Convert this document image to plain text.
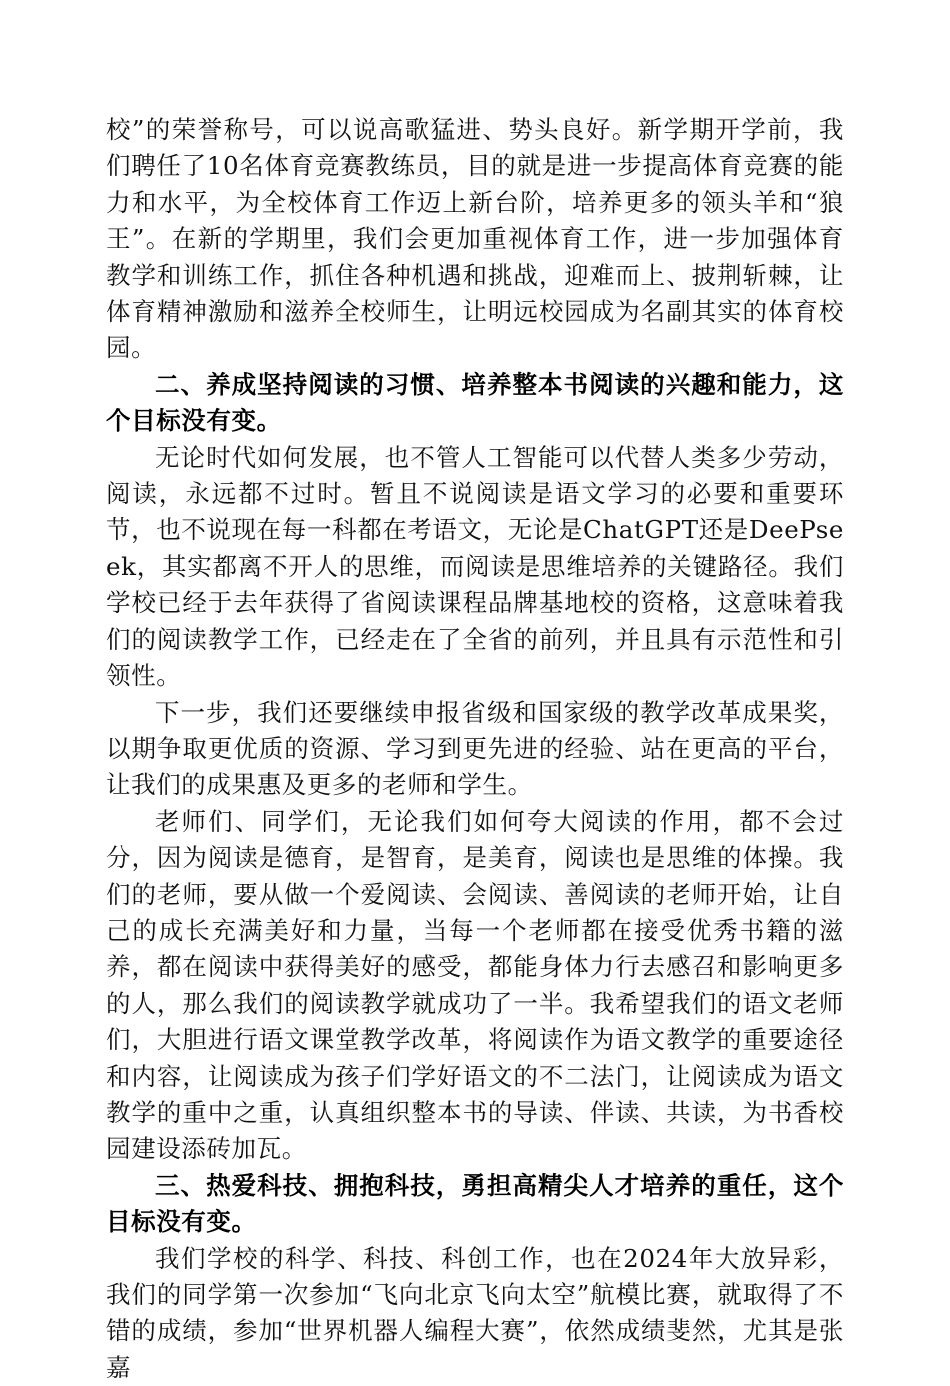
校”的荣誉称号，可以说高歌猛进、势头良好。新学期开学前，我们聘任了10名体育竞赛教练员，目的就是进一步提高体育竞赛的能力和水平，为全校体育工作迈上新台阶，培养更多的领头羊和“狼王”。在新的学期里，我们会更加重视体育工作，进一步加强体育教学和训练工作，抓住各种机遇和挑战，迎难而上、披荆斩棘，让体育精神激励和滋养全校师生，让明远校园成为名副其实的体育校园。

二、养成坚持阅读的习惯、培养整本书阅读的兴趣和能力，这个目标没有变。

无论时代如何发展，也不管人工智能可以代替人类多少劳动，阅读，永远都不过时。暂且不说阅读是语文学习的必要和重要环节，也不说现在每一科都在考语文，无论是ChatGPT还是DeePseek，其实都离不开人的思维，而阅读是思维培养的关键路径。我们学校已经于去年获得了省阅读课程品牌基地校的资格，这意味着我们的阅读教学工作，已经走在了全省的前列，并且具有示范性和引领性。

下一步，我们还要继续申报省级和国家级的教学改革成果奖，以期争取更优质的资源、学习到更先进的经验、站在更高的平台，让我们的成果惠及更多的老师和学生。

老师们、同学们，无论我们如何夸大阅读的作用，都不会过分，因为阅读是德育，是智育，是美育，阅读也是思维的体操。我们的老师，要从做一个爱阅读、会阅读、善阅读的老师开始，让自己的成长充满美好和力量，当每一个老师都在接受优秀书籍的滋养，都在阅读中获得美好的感受，都能身体力行去感召和影响更多的人，那么我们的阅读教学就成功了一半。我希望我们的语文老师们，大胆进行语文课堂教学改革，将阅读作为语文教学的重要途径和内容，让阅读成为孩子们学好语文的不二法门，让阅读成为语文教学的重中之重，认真组织整本书的导读、伴读、共读，为书香校园建设添砖加瓦。

三、热爱科技、拥抱科技，勇担高精尖人才培养的重任，这个目标没有变。

我们学校的科学、科技、科创工作，也在2024年大放异彩，我们的同学第一次参加“飞向北京飞向太空”航模比赛，就取得了不错的成绩，参加“世界机器人编程大赛”，依然成绩斐然，尤其是张嘉
